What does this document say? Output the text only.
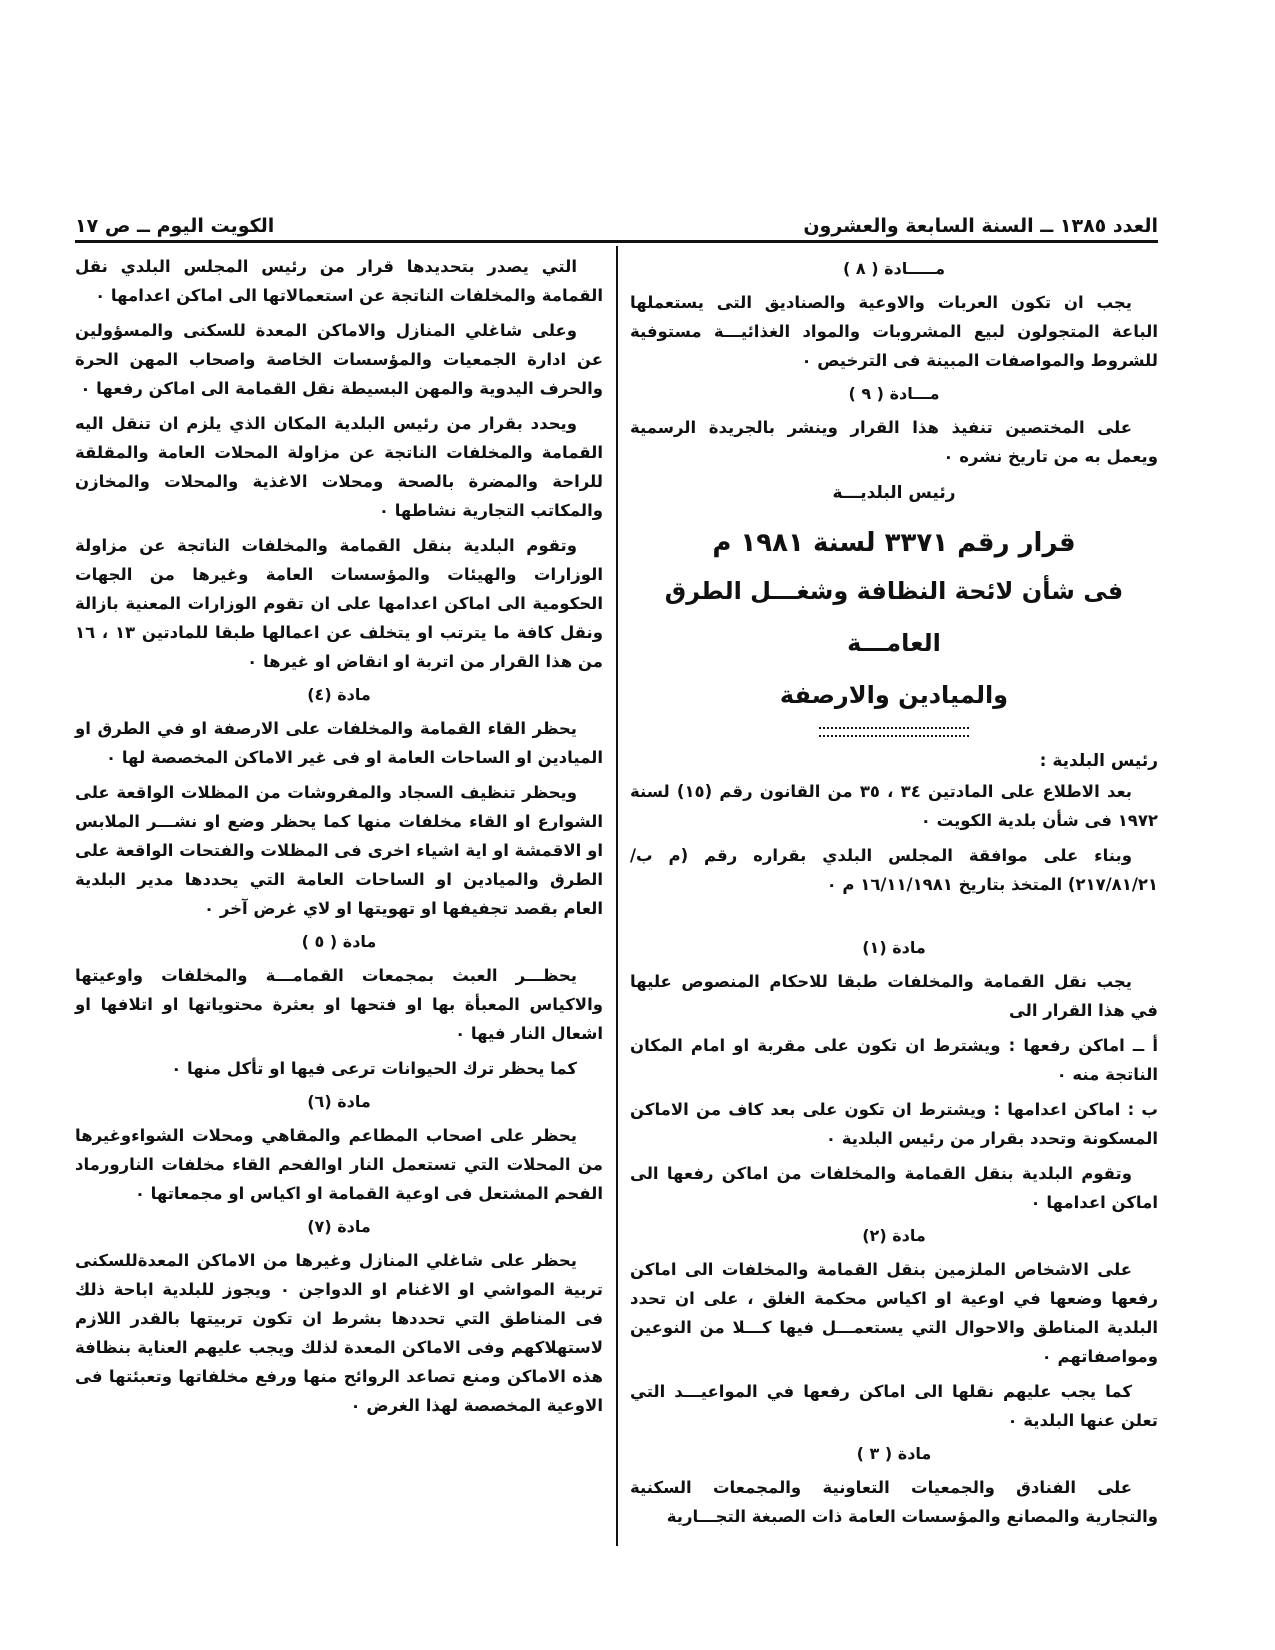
العدد ١٣٨٥ ــ السنة السابعة والعشرون
الكويت اليوم ــ ص ١٧
مـــــادة ( ٨ )

يجب ان تكون العربات والاوعية والصناديق التى يستعملها الباعة المتجولون لبيع المشروبات والمواد الغذائيـــة مستوفية للشروط والمواصفات المبينة فى الترخيص ٠

مـــادة ( ٩ )

على المختصين تنفيذ هذا القرار وينشر بالجريدة الرسمية ويعمل به من تاريخ نشره ٠

رئيس البلديـــة
قرار رقم ٣٣٧١ لسنة ١٩٨١ م
فى شأن لائحة النظافة وشغـــل الطرق العامـــة
والميادين والارصفة
رئيس البلدية :

بعد الاطلاع على المادتين ٣٤ ، ٣٥ من القانون رقم (١٥) لسنة ١٩٧٢ فى شأن بلدية الكويت ٠

وبناء على موافقة المجلس البلدي بقراره رقم (م ب/٢١٧/٨١/٢١) المتخذ بتاريخ ١٦/١١/١٩٨١ م ٠

مادة (١)

يجب نقل القمامة والمخلفات طبقا للاحكام المنصوص عليها في هذا القرار الى

أ ــ اماكن رفعها : ويشترط ان تكون على مقربة او امام المكان الناتجة منه ٠

ب : اماكن اعدامها : ويشترط ان تكون على بعد كاف من الاماكن المسكونة وتحدد بقرار من رئيس البلدية ٠

وتقوم البلدية بنقل القمامة والمخلفات من اماكن رفعها الى اماكن اعدامها ٠

مادة (٢)

على الاشخاص الملزمين بنقل القمامة والمخلفات الى اماكن رفعها وضعها في اوعية او اكياس محكمة الغلق ، على ان تحدد البلدية المناطق والاحوال التي يستعمـــل فيها كـــلا من النوعين ومواصفاتهم ٠

كما يجب عليهم نقلها الى اماكن رفعها في المواعيـــد التي تعلن عنها البلدية ٠

مادة ( ٣ )

على الفنادق والجمعيات التعاونية والمجمعات السكنية والتجارية والمصانع والمؤسسات العامة ذات الصبغة التجـــارية

التي يصدر بتحديدها قرار من رئيس المجلس البلدي نقل القمامة والمخلفات الناتجة عن استعمالاتها الى اماكن اعدامها ٠

وعلى شاغلي المنازل والاماكن المعدة للسكنى والمسؤولين عن ادارة الجمعيات والمؤسسات الخاصة واصحاب المهن الحرة والحرف اليدوية والمهن البسيطة نقل القمامة الى اماكن رفعها ٠

ويحدد بقرار من رئيس البلدية المكان الذي يلزم ان تنقل اليه القمامة والمخلفات الناتجة عن مزاولة المحلات العامة والمقلقة للراحة والمضرة بالصحة ومحلات الاغذية والمحلات والمخازن والمكاتب التجارية نشاطها ٠

وتقوم البلدية بنقل القمامة والمخلفات الناتجة عن مزاولة الوزارات والهيئات والمؤسسات العامة وغيرها من الجهات الحكومية الى اماكن اعدامها على ان تقوم الوزارات المعنية بازالة ونقل كافة ما يترتب او يتخلف عن اعمالها طبقا للمادتين ١٣ ، ١٦ من هذا القرار من اتربة او انقاض او غيرها ٠

مادة (٤)

يحظر القاء القمامة والمخلفات على الارصفة او في الطرق او الميادين او الساحات العامة او فى غير الاماكن المخصصة لها ٠

ويحظر تنظيف السجاد والمفروشات من المظلات الواقعة على الشوارع او القاء مخلفات منها كما يحظر وضع او نشـــر الملابس او الاقمشة او اية اشياء اخرى فى المظلات والفتحات الواقعة على الطرق والميادين او الساحات العامة التي يحددها مدير البلدية العام بقصد تجفيفها او تهويتها او لاي غرض آخر ٠

مادة ( ٥ )

يحظـــر العبث بمجمعات القمامـــة والمخلفات واوعيتها والاكياس المعبأة بها او فتحها او بعثرة محتوياتها او اتلافها او اشعال النار فيها ٠

كما يحظر ترك الحيوانات ترعى فيها او تأكل منها ٠

مادة (٦)

يحظر على اصحاب المطاعم والمقاهي ومحلات الشواءوغيرها من المحلات التي تستعمل النار اوالفحم القاء مخلفات النارورماد الفحم المشتعل فى اوعية القمامة او اكياس او مجمعاتها ٠

مادة (٧)

يحظر على شاغلي المنازل وغيرها من الاماكن المعدةللسكنى تربية المواشي او الاغنام او الدواجن ٠ ويجوز للبلدية اباحة ذلك فى المناطق التي تحددها بشرط ان تكون تربيتها بالقدر اللازم لاستهلاكهم وفى الاماكن المعدة لذلك ويجب عليهم العناية بنظافة هذه الاماكن ومنع تصاعد الروائح منها ورفع مخلفاتها وتعبئتها فى الاوعية المخصصة لهذا الغرض ٠
